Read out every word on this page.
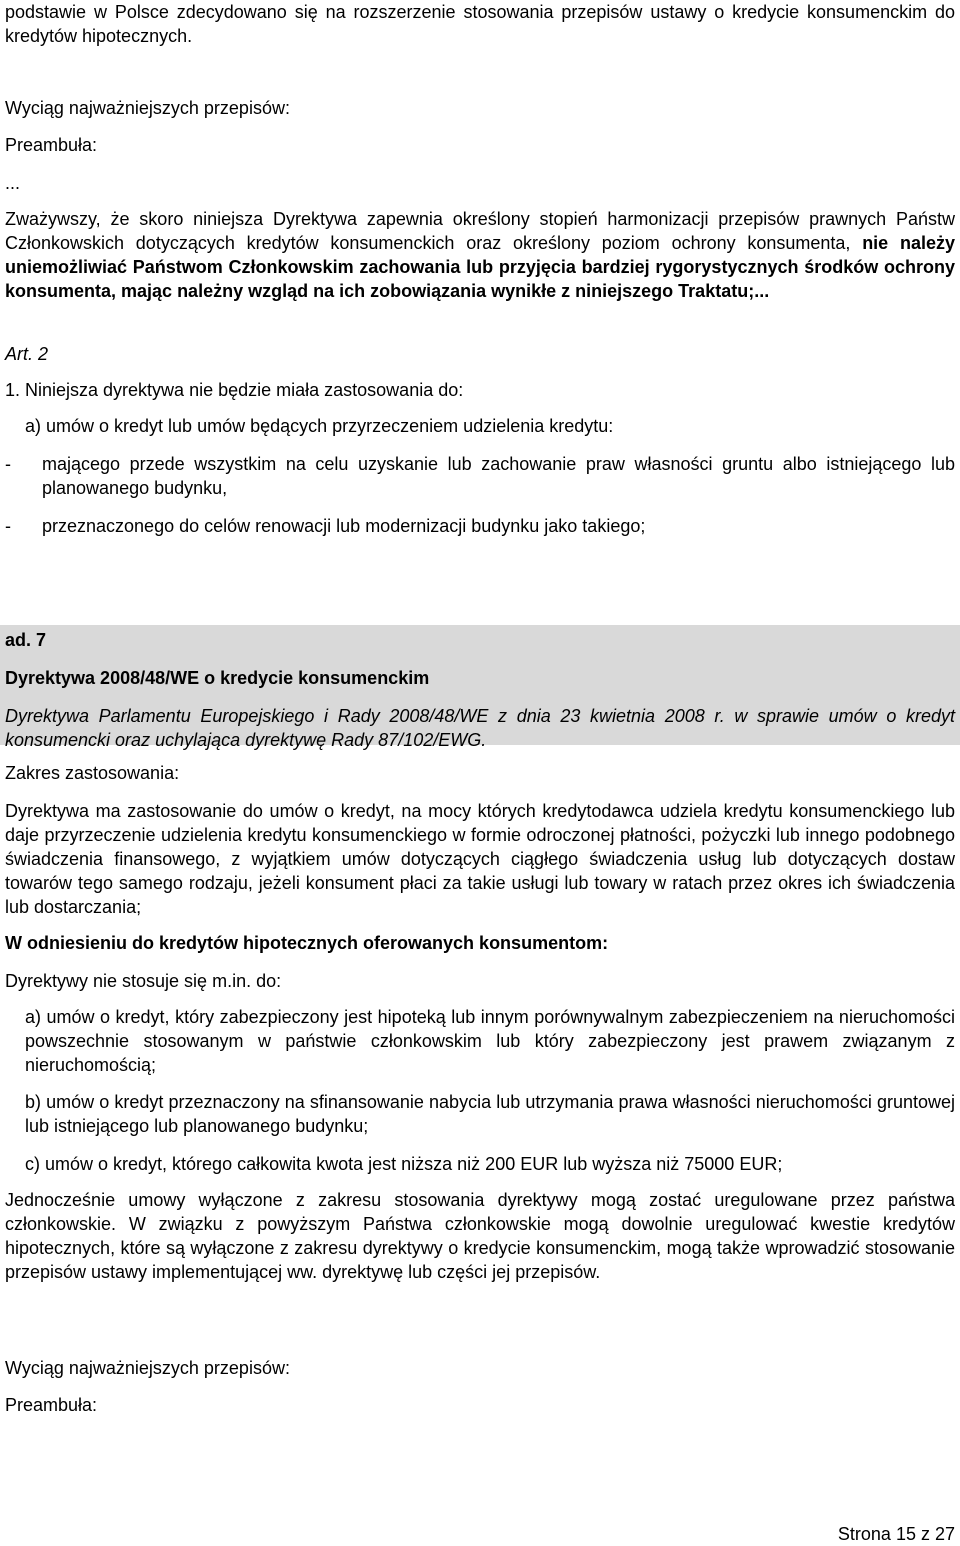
podstawie w Polsce zdecydowano się na rozszerzenie stosowania przepisów ustawy o kredycie konsumenckim do kredytów hipotecznych.

Wyciąg najważniejszych przepisów:

Preambuła:

...

Zważywszy, że skoro niniejsza Dyrektywa zapewnia określony stopień harmonizacji przepisów prawnych Państw Członkowskich dotyczących kredytów konsumenckich oraz określony poziom ochrony konsumenta, nie należy uniemożliwiać Państwom Członkowskim zachowania lub przyjęcia bardziej rygorystycznych środków ochrony konsumenta, mając należny wzgląd na ich zobowiązania wynikłe z niniejszego Traktatu;...

Art. 2

1. Niniejsza dyrektywa nie będzie miała zastosowania do:

a) umów o kredyt lub umów będących przyrzeczeniem udzielenia kredytu:

-	mającego przede wszystkim na celu uzyskanie lub zachowanie praw własności gruntu albo istniejącego lub planowanego budynku,
-	przeznaczonego do celów renowacji lub modernizacji budynku jako takiego;

ad. 7

Dyrektywa 2008/48/WE o kredycie konsumenckim

Dyrektywa Parlamentu Europejskiego i Rady 2008/48/WE z dnia 23 kwietnia 2008 r. w sprawie umów o kredyt konsumencki oraz uchylająca dyrektywę Rady 87/102/EWG.

Zakres zastosowania:

Dyrektywa ma zastosowanie do umów o kredyt, na mocy których kredytodawca udziela kredytu konsumenckiego lub daje przyrzeczenie udzielenia kredytu konsumenckiego w formie odroczonej płatności, pożyczki lub innego podobnego świadczenia finansowego, z wyjątkiem umów dotyczących ciągłego świadczenia usług lub dotyczących dostaw towarów tego samego rodzaju, jeżeli konsument płaci za takie usługi lub towary w ratach przez okres ich świadczenia lub dostarczania;

W odniesieniu do kredytów hipotecznych oferowanych konsumentom:

Dyrektywy nie stosuje się m.in. do:

a) umów o kredyt, który zabezpieczony jest hipoteką lub innym porównywalnym zabezpieczeniem na nieruchomości powszechnie stosowanym w państwie członkowskim lub który zabezpieczony jest prawem związanym z nieruchomością;

b) umów o kredyt przeznaczony na sfinansowanie nabycia lub utrzymania prawa własności nieruchomości gruntowej lub istniejącego lub planowanego budynku;

c) umów o kredyt, którego całkowita kwota jest niższa niż 200 EUR lub wyższa niż 75000 EUR;

Jednocześnie umowy wyłączone z zakresu stosowania dyrektywy mogą zostać uregulowane przez państwa członkowskie. W związku z powyższym Państwa członkowskie mogą dowolnie uregulować kwestie kredytów hipotecznych, które są wyłączone z zakresu dyrektywy o kredycie konsumenckim, mogą także wprowadzić stosowanie przepisów ustawy implementującej ww. dyrektywę lub części jej przepisów.

Wyciąg najważniejszych przepisów:

Preambuła:

Strona 15 z 27
